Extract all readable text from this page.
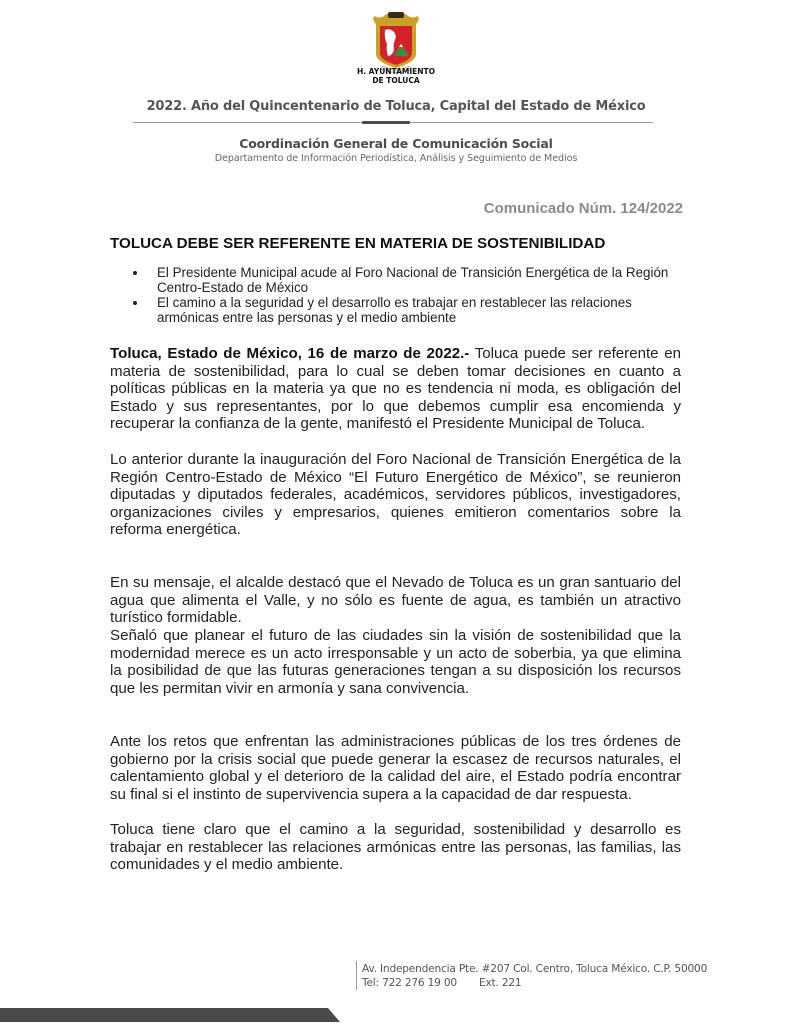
H. AYUNTAMIENTO
DE TOLUCA
2022. Año del Quincentenario de Toluca, Capital del Estado de México
Coordinación General de Comunicación Social
Departamento de Información Periodística, Análisis y Seguimiento de Medios
Comunicado Núm. 124/2022
TOLUCA DEBE SER REFERENTE EN MATERIA DE SOSTENIBILIDAD
El Presidente Municipal acude al Foro Nacional de Transición Energética de la Región Centro-Estado de México
El camino a la seguridad y el desarrollo es trabajar en restablecer las relaciones armónicas entre las personas y el medio ambiente

Toluca, Estado de México, 16 de marzo de 2022.- Toluca puede ser referente en materia de sostenibilidad, para lo cual se deben tomar decisiones en cuanto a políticas públicas en la materia ya que no es tendencia ni moda, es obligación del Estado y sus representantes, por lo que debemos cumplir esa encomienda y recuperar la confianza de la gente, manifestó el Presidente Municipal de Toluca.

Lo anterior durante la inauguración del Foro Nacional de Transición Energética de la Región Centro-Estado de México “El Futuro Energético de México”, se reunieron diputadas y diputados federales, académicos, servidores públicos, investigadores, organizaciones civiles y empresarios, quienes emitieron comentarios sobre la reforma energética.

En su mensaje, el alcalde destacó que el Nevado de Toluca es un gran santuario del agua que alimenta el Valle, y no sólo es fuente de agua, es también un atractivo turístico formidable.

Señaló que planear el futuro de las ciudades sin la visión de sostenibilidad que la modernidad merece es un acto irresponsable y un acto de soberbia, ya que elimina la posibilidad de que las futuras generaciones tengan a su disposición los recursos que les permitan vivir en armonía y sana convivencia.

Ante los retos que enfrentan las administraciones públicas de los tres órdenes de gobierno por la crisis social que puede generar la escasez de recursos naturales, el calentamiento global y el deterioro de la calidad del aire, el Estado podría encontrar su final si el instinto de supervivencia supera a la capacidad de dar respuesta.

Toluca tiene claro que el camino a la seguridad, sostenibilidad y desarrollo es trabajar en restablecer las relaciones armónicas entre las personas, las familias, las comunidades y el medio ambiente.

Av. Independencia Pte. #207 Col. Centro, Toluca México. C.P. 50000
Tel: 722 276 19 00 Ext. 221
